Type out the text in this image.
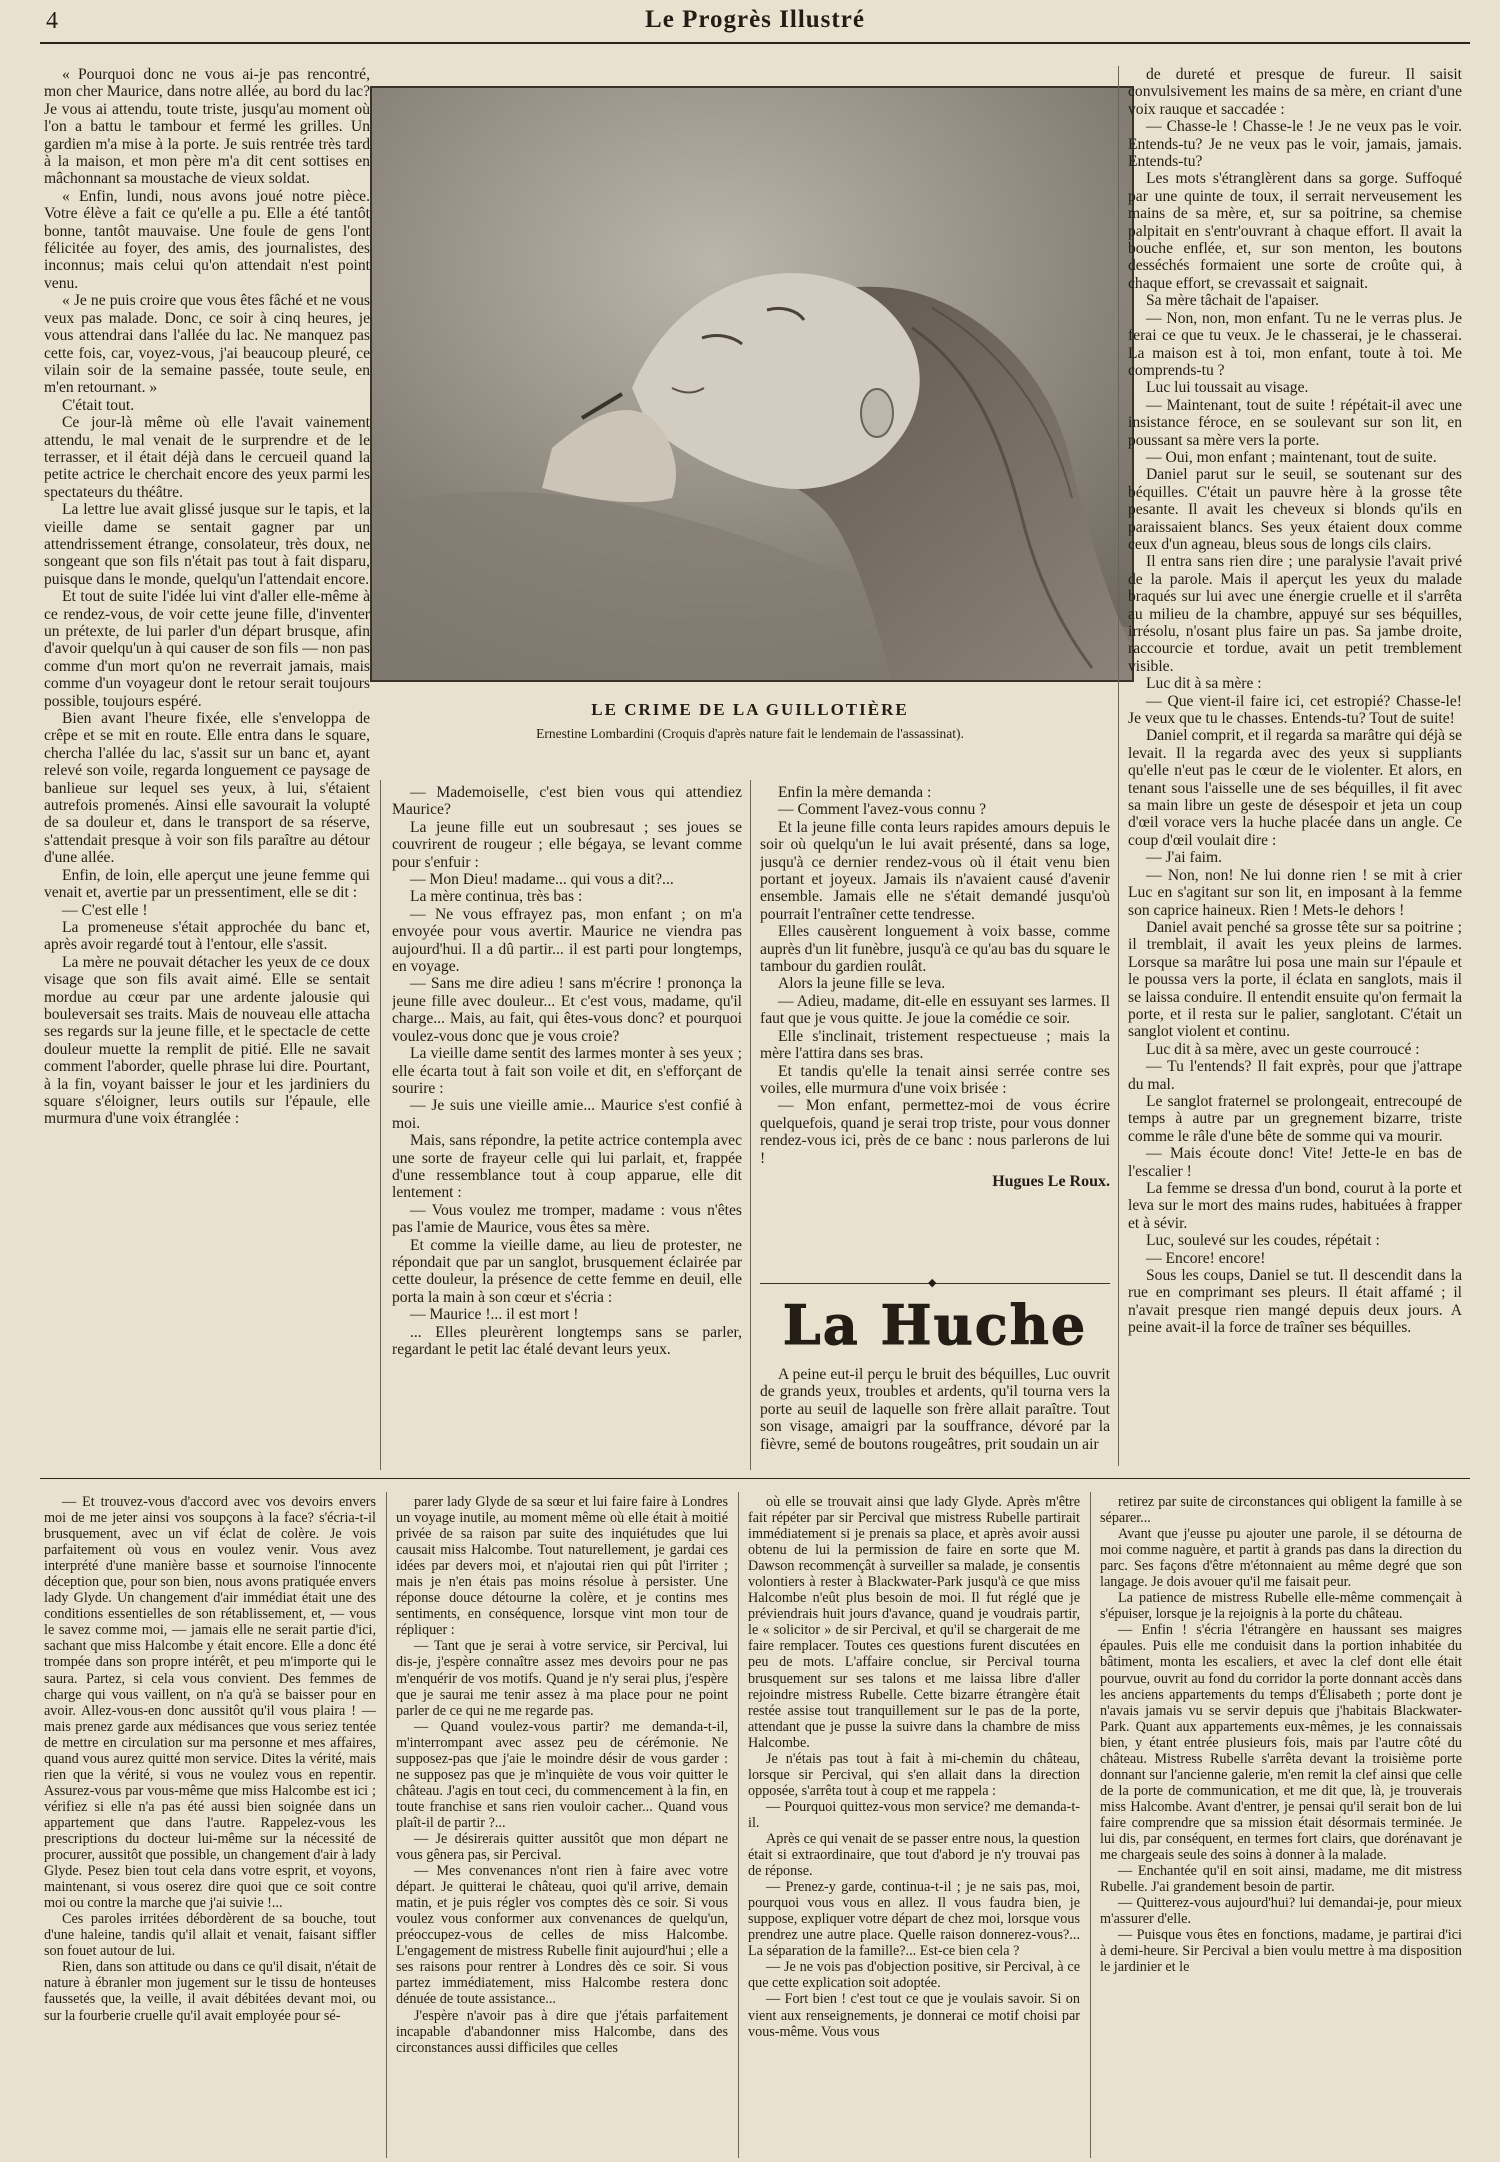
4	Le Progrès Illustré

« Pourquoi donc ne vous ai-je pas rencontré, mon cher Maurice, dans notre allée, au bord du lac? Je vous ai attendu, toute triste, jusqu'au moment où l'on a battu le tambour et fermé les grilles. Un gardien m'a mise à la porte. Je suis rentrée très tard à la maison, et mon père m'a dit cent sottises en mâchonnant sa moustache de vieux soldat.

« Enfin, lundi, nous avons joué notre pièce. Votre élève a fait ce qu'elle a pu. Elle a été tantôt bonne, tantôt mauvaise. Une foule de gens l'ont félicitée au foyer, des amis, des journalistes, des inconnus; mais celui qu'on attendait n'est point venu.

« Je ne puis croire que vous êtes fâché et ne vous veux pas malade. Donc, ce soir à cinq heures, je vous attendrai dans l'allée du lac. Ne manquez pas cette fois, car, voyez-vous, j'ai beaucoup pleuré, ce vilain soir de la semaine passée, toute seule, en m'en retournant. »

C'était tout.

Ce jour-là même où elle l'avait vainement attendu, le mal venait de le surprendre et de le terrasser, et il était déjà dans le cercueil quand la petite actrice le cherchait encore des yeux parmi les spectateurs du théâtre.

La lettre lue avait glissé jusque sur le tapis, et la vieille dame se sentait gagner par un attendrissement étrange, consolateur, très doux, ne songeant que son fils n'était pas tout à fait disparu, puisque dans le monde, quelqu'un l'attendait encore.

Et tout de suite l'idée lui vint d'aller elle-même à ce rendez-vous, de voir cette jeune fille, d'inventer un prétexte, de lui parler d'un départ brusque, afin d'avoir quelqu'un à qui causer de son fils — non pas comme d'un mort qu'on ne reverrait jamais, mais comme d'un voyageur dont le retour serait toujours possible, toujours espéré.

Bien avant l'heure fixée, elle s'enveloppa de crêpe et se mit en route. Elle entra dans le square, chercha l'allée du lac, s'assit sur un banc et, ayant relevé son voile, regarda longuement ce paysage de banlieue sur lequel ses yeux, à lui, s'étaient autrefois promenés. Ainsi elle savourait la volupté de sa douleur et, dans le transport de sa réserve, s'attendait presque à voir son fils paraître au détour d'une allée.

Enfin, de loin, elle aperçut une jeune femme qui venait et, avertie par un pressentiment, elle se dit :

— C'est elle !

La promeneuse s'était approchée du banc et, après avoir regardé tout à l'entour, elle s'assit.

La mère ne pouvait détacher les yeux de ce doux visage que son fils avait aimé. Elle se sentait mordue au cœur par une ardente jalousie qui bouleversait ses traits. Mais de nouveau elle attacha ses regards sur la jeune fille, et le spectacle de cette douleur muette la remplit de pitié. Elle ne savait comment l'aborder, quelle phrase lui dire. Pourtant, à la fin, voyant baisser le jour et les jardiniers du square s'éloigner, leurs outils sur l'épaule, elle murmura d'une voix étranglée :

LE CRIME DE LA GUILLOTIÈRE
Ernestine Lombardini (Croquis d'après nature fait le lendemain de l'assassinat).

— Mademoiselle, c'est bien vous qui attendiez Maurice?

La jeune fille eut un soubresaut ; ses joues se couvrirent de rougeur ; elle bégaya, se levant comme pour s'enfuir :

— Mon Dieu! madame... qui vous a dit?...

La mère continua, très bas :

— Ne vous effrayez pas, mon enfant ; on m'a envoyée pour vous avertir. Maurice ne viendra pas aujourd'hui. Il a dû partir... il est parti pour longtemps, en voyage.

— Sans me dire adieu ! sans m'écrire ! prononça la jeune fille avec douleur... Et c'est vous, madame, qu'il charge... Mais, au fait, qui êtes-vous donc? et pourquoi voulez-vous donc que je vous croie?

La vieille dame sentit des larmes monter à ses yeux ; elle écarta tout à fait son voile et dit, en s'efforçant de sourire :

— Je suis une vieille amie... Maurice s'est confié à moi.

Mais, sans répondre, la petite actrice contempla avec une sorte de frayeur celle qui lui parlait, et, frappée d'une ressemblance tout à coup apparue, elle dit lentement :

— Vous voulez me tromper, madame : vous n'êtes pas l'amie de Maurice, vous êtes sa mère.

Et comme la vieille dame, au lieu de protester, ne répondait que par un sanglot, brusquement éclairée par cette douleur, la présence de cette femme en deuil, elle porta la main à son cœur et s'écria :

— Maurice !... il est mort !

... Elles pleurèrent longtemps sans se parler, regardant le petit lac étalé devant leurs yeux.

Enfin la mère demanda :

— Comment l'avez-vous connu ?

Et la jeune fille conta leurs rapides amours depuis le soir où quelqu'un le lui avait présenté, dans sa loge, jusqu'à ce dernier rendez-vous où il était venu bien portant et joyeux. Jamais ils n'avaient causé d'avenir ensemble. Jamais elle ne s'était demandé jusqu'où pourrait l'entraîner cette tendresse.

Elles causèrent longuement à voix basse, comme auprès d'un lit funèbre, jusqu'à ce qu'au bas du square le tambour du gardien roulât.

Alors la jeune fille se leva.

— Adieu, madame, dit-elle en essuyant ses larmes. Il faut que je vous quitte. Je joue la comédie ce soir.

Elle s'inclinait, tristement respectueuse ; mais la mère l'attira dans ses bras.

Et tandis qu'elle la tenait ainsi serrée contre ses voiles, elle murmura d'une voix brisée :

— Mon enfant, permettez-moi de vous écrire quelquefois, quand je serai trop triste, pour vous donner rendez-vous ici, près de ce banc : nous parlerons de lui !

Hugues Le Roux.
◆
La Huche

A peine eut-il perçu le bruit des béquilles, Luc ouvrit de grands yeux, troubles et ardents, qu'il tourna vers la porte au seuil de laquelle son frère allait paraître. Tout son visage, amaigri par la souffrance, dévoré par la fièvre, semé de boutons rougeâtres, prit soudain un air

de dureté et presque de fureur. Il saisit convulsivement les mains de sa mère, en criant d'une voix rauque et saccadée :

— Chasse-le ! Chasse-le ! Je ne veux pas le voir. Entends-tu? Je ne veux pas le voir, jamais, jamais. Entends-tu?

Les mots s'étranglèrent dans sa gorge. Suffoqué par une quinte de toux, il serrait nerveusement les mains de sa mère, et, sur sa poitrine, sa chemise palpitait en s'entr'ouvrant à chaque effort. Il avait la bouche enflée, et, sur son menton, les boutons desséchés formaient une sorte de croûte qui, à chaque effort, se crevassait et saignait.

Sa mère tâchait de l'apaiser.

— Non, non, mon enfant. Tu ne le verras plus. Je ferai ce que tu veux. Je le chasserai, je le chasserai. La maison est à toi, mon enfant, toute à toi. Me comprends-tu ?

Luc lui toussait au visage.

— Maintenant, tout de suite ! répétait-il avec une insistance féroce, en se soulevant sur son lit, en poussant sa mère vers la porte.

— Oui, mon enfant ; maintenant, tout de suite.

Daniel parut sur le seuil, se soutenant sur des béquilles. C'était un pauvre hère à la grosse tête pesante. Il avait les cheveux si blonds qu'ils en paraissaient blancs. Ses yeux étaient doux comme ceux d'un agneau, bleus sous de longs cils clairs.

Il entra sans rien dire ; une paralysie l'avait privé de la parole. Mais il aperçut les yeux du malade braqués sur lui avec une énergie cruelle et il s'arrêta au milieu de la chambre, appuyé sur ses béquilles, irrésolu, n'osant plus faire un pas. Sa jambe droite, raccourcie et tordue, avait un petit tremblement visible.

Luc dit à sa mère :

— Que vient-il faire ici, cet estropié? Chasse-le! Je veux que tu le chasses. Entends-tu? Tout de suite!

Daniel comprit, et il regarda sa marâtre qui déjà se levait. Il la regarda avec des yeux si suppliants qu'elle n'eut pas le cœur de le violenter. Et alors, en tenant sous l'aisselle une de ses béquilles, il fit avec sa main libre un geste de désespoir et jeta un coup d'œil vorace vers la huche placée dans un angle. Ce coup d'œil voulait dire :

— J'ai faim.

— Non, non! Ne lui donne rien ! se mit à crier Luc en s'agitant sur son lit, en imposant à la femme son caprice haineux. Rien ! Mets-le dehors !

Daniel avait penché sa grosse tête sur sa poitrine ; il tremblait, il avait les yeux pleins de larmes. Lorsque sa marâtre lui posa une main sur l'épaule et le poussa vers la porte, il éclata en sanglots, mais il se laissa conduire. Il entendit ensuite qu'on fermait la porte, et il resta sur le palier, sanglotant. C'était un sanglot violent et continu.

Luc dit à sa mère, avec un geste courroucé :

— Tu l'entends? Il fait exprès, pour que j'attrape du mal.

Le sanglot fraternel se prolongeait, entrecoupé de temps à autre par un gregnement bizarre, triste comme le râle d'une bête de somme qui va mourir.

— Mais écoute donc! Vite! Jette-le en bas de l'escalier !

La femme se dressa d'un bond, courut à la porte et leva sur le mort des mains rudes, habituées à frapper et à sévir.

Luc, soulevé sur les coudes, répétait :

— Encore! encore!

Sous les coups, Daniel se tut. Il descendit dans la rue en comprimant ses pleurs. Il était affamé ; il n'avait presque rien mangé depuis deux jours. A peine avait-il la force de traîner ses béquilles.

— Et trouvez-vous d'accord avec vos devoirs envers moi de me jeter ainsi vos soupçons à la face? s'écria-t-il brusquement, avec un vif éclat de colère. Je vois parfaitement où vous en voulez venir. Vous avez interprété d'une manière basse et sournoise l'innocente déception que, pour son bien, nous avons pratiquée envers lady Glyde. Un changement d'air immédiat était une des conditions essentielles de son rétablissement, et, — vous le savez comme moi, — jamais elle ne serait partie d'ici, sachant que miss Halcombe y était encore. Elle a donc été trompée dans son propre intérêt, et peu m'importe qui le saura. Partez, si cela vous convient. Des femmes de charge qui vous vaillent, on n'a qu'à se baisser pour en avoir. Allez-vous-en donc aussitôt qu'il vous plaira ! — mais prenez garde aux médisances que vous seriez tentée de mettre en circulation sur ma personne et mes affaires, quand vous aurez quitté mon service. Dites la vérité, mais rien que la vérité, si vous ne voulez vous en repentir. Assurez-vous par vous-même que miss Halcombe est ici ; vérifiez si elle n'a pas été aussi bien soignée dans un appartement que dans l'autre. Rappelez-vous les prescriptions du docteur lui-même sur la nécessité de procurer, aussitôt que possible, un changement d'air à lady Glyde. Pesez bien tout cela dans votre esprit, et voyons, maintenant, si vous oserez dire quoi que ce soit contre moi ou contre la marche que j'ai suivie !...

Ces paroles irritées débordèrent de sa bouche, tout d'une haleine, tandis qu'il allait et venait, faisant siffler son fouet autour de lui.

Rien, dans son attitude ou dans ce qu'il disait, n'était de nature à ébranler mon jugement sur le tissu de honteuses faussetés que, la veille, il avait débitées devant moi, ou sur la fourberie cruelle qu'il avait employée pour sé-

parer lady Glyde de sa sœur et lui faire faire à Londres un voyage inutile, au moment même où elle était à moitié privée de sa raison par suite des inquiétudes que lui causait miss Halcombe. Tout naturellement, je gardai ces idées par devers moi, et n'ajoutai rien qui pût l'irriter ; mais je n'en étais pas moins résolue à persister. Une réponse douce détourne la colère, et je contins mes sentiments, en conséquence, lorsque vint mon tour de répliquer :

— Tant que je serai à votre service, sir Percival, lui dis-je, j'espère connaître assez mes devoirs pour ne pas m'enquérir de vos motifs. Quand je n'y serai plus, j'espère que je saurai me tenir assez à ma place pour ne point parler de ce qui ne me regarde pas.

— Quand voulez-vous partir? me demanda-t-il, m'interrompant avec assez peu de cérémonie. Ne supposez-pas que j'aie le moindre désir de vous garder : ne supposez pas que je m'inquiète de vous voir quitter le château. J'agis en tout ceci, du commencement à la fin, en toute franchise et sans rien vouloir cacher... Quand vous plaît-il de partir ?...

— Je désirerais quitter aussitôt que mon départ ne vous gênera pas, sir Percival.

— Mes convenances n'ont rien à faire avec votre départ. Je quitterai le château, quoi qu'il arrive, demain matin, et je puis régler vos comptes dès ce soir. Si vous voulez vous conformer aux convenances de quelqu'un, préoccupez-vous de celles de miss Halcombe. L'engagement de mistress Rubelle finit aujourd'hui ; elle a ses raisons pour rentrer à Londres dès ce soir. Si vous partez immédiatement, miss Halcombe restera donc dénuée de toute assistance...

J'espère n'avoir pas à dire que j'étais parfaitement incapable d'abandonner miss Halcombe, dans des circonstances aussi difficiles que celles

où elle se trouvait ainsi que lady Glyde. Après m'être fait répéter par sir Percival que mistress Rubelle partirait immédiatement si je prenais sa place, et après avoir aussi obtenu de lui la permission de faire en sorte que M. Dawson recommençât à surveiller sa malade, je consentis volontiers à rester à Blackwater-Park jusqu'à ce que miss Halcombe n'eût plus besoin de moi. Il fut réglé que je préviendrais huit jours d'avance, quand je voudrais partir, le « solicitor » de sir Percival, et qu'il se chargerait de me faire remplacer. Toutes ces questions furent discutées en peu de mots. L'affaire conclue, sir Percival tourna brusquement sur ses talons et me laissa libre d'aller rejoindre mistress Rubelle. Cette bizarre étrangère était restée assise tout tranquillement sur le pas de la porte, attendant que je pusse la suivre dans la chambre de miss Halcombe.

Je n'étais pas tout à fait à mi-chemin du château, lorsque sir Percival, qui s'en allait dans la direction opposée, s'arrêta tout à coup et me rappela :

— Pourquoi quittez-vous mon service? me demanda-t-il.

Après ce qui venait de se passer entre nous, la question était si extraordinaire, que tout d'abord je n'y trouvai pas de réponse.

— Prenez-y garde, continua-t-il ; je ne sais pas, moi, pourquoi vous vous en allez. Il vous faudra bien, je suppose, expliquer votre départ de chez moi, lorsque vous prendrez une autre place. Quelle raison donnerez-vous?... La séparation de la famille?... Est-ce bien cela ?

— Je ne vois pas d'objection positive, sir Percival, à ce que cette explication soit adoptée.

— Fort bien ! c'est tout ce que je voulais savoir. Si on vient aux renseignements, je donnerai ce motif choisi par vous-même. Vous vous

retirez par suite de circonstances qui obligent la famille à se séparer...

Avant que j'eusse pu ajouter une parole, il se détourna de moi comme naguère, et partit à grands pas dans la direction du parc. Ses façons d'être m'étonnaient au même degré que son langage. Je dois avouer qu'il me faisait peur.

La patience de mistress Rubelle elle-même commençait à s'épuiser, lorsque je la rejoignis à la porte du château.

— Enfin ! s'écria l'étrangère en haussant ses maigres épaules. Puis elle me conduisit dans la portion inhabitée du bâtiment, monta les escaliers, et avec la clef dont elle était pourvue, ouvrit au fond du corridor la porte donnant accès dans les anciens appartements du temps d'Élisabeth ; porte dont je n'avais jamais vu se servir depuis que j'habitais Blackwater-Park. Quant aux appartements eux-mêmes, je les connaissais bien, y étant entrée plusieurs fois, mais par l'autre côté du château. Mistress Rubelle s'arrêta devant la troisième porte donnant sur l'ancienne galerie, m'en remit la clef ainsi que celle de la porte de communication, et me dit que, là, je trouverais miss Halcombe. Avant d'entrer, je pensai qu'il serait bon de lui faire comprendre que sa mission était désormais terminée. Je lui dis, par conséquent, en termes fort clairs, que dorénavant je me chargeais seule des soins à donner à la malade.

— Enchantée qu'il en soit ainsi, madame, me dit mistress Rubelle. J'ai grandement besoin de partir.

— Quitterez-vous aujourd'hui? lui demandai-je, pour mieux m'assurer d'elle.

— Puisque vous êtes en fonctions, madame, je partirai d'ici à demi-heure. Sir Percival a bien voulu mettre à ma disposition le jardinier et le
